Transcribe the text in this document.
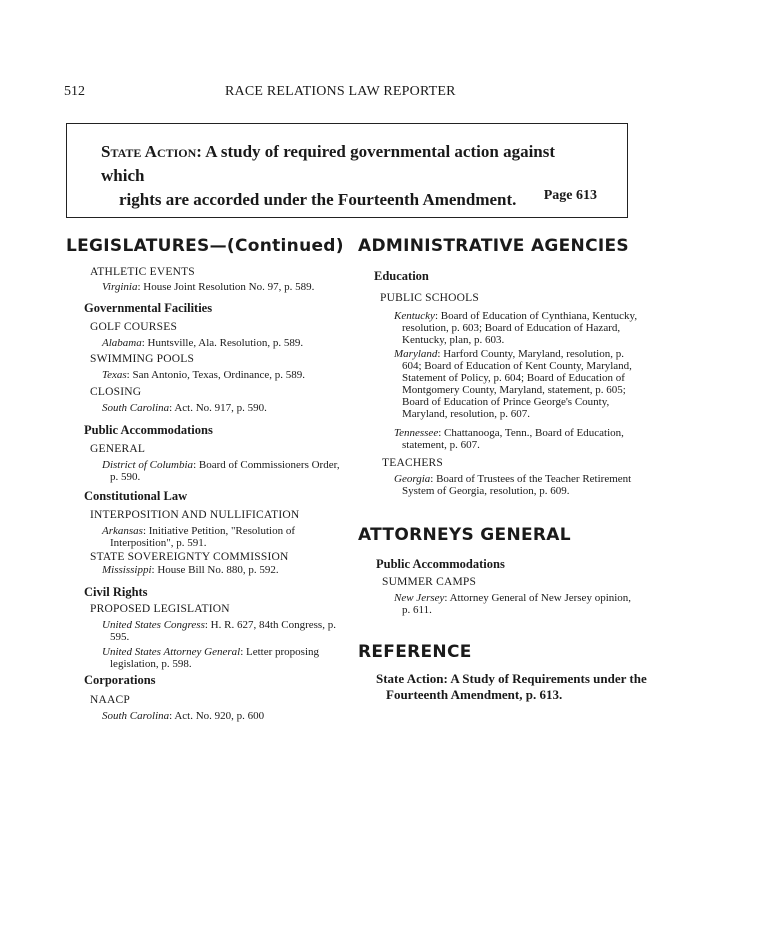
512	RACE RELATIONS LAW REPORTER
State Action: A study of required governmental action against which
rights are accorded under the Fourteenth Amendment.	Page 613
LEGISLATURES—(Continued)
ATHLETIC EVENTS
Virginia: House Joint Resolution No. 97, p. 589.
Governmental Facilities
GOLF COURSES
Alabama: Huntsville, Ala. Resolution, p. 589.
SWIMMING POOLS
Texas: San Antonio, Texas, Ordinance, p. 589.
CLOSING
South Carolina: Act. No. 917, p. 590.
Public Accommodations
GENERAL
District of Columbia: Board of Commissioners Order, p. 590.
Constitutional Law
INTERPOSITION AND NULLIFICATION
Arkansas: Initiative Petition, "Resolution of Interposition", p. 591.
STATE SOVEREIGNTY COMMISSION
Mississippi: House Bill No. 880, p. 592.
Civil Rights
PROPOSED LEGISLATION
United States Congress: H. R. 627, 84th Congress, p. 595.
United States Attorney General: Letter proposing legislation, p. 598.
Corporations
NAACP
South Carolina: Act. No. 920, p. 600
ADMINISTRATIVE AGENCIES
Education
PUBLIC SCHOOLS
Kentucky: Board of Education of Cynthiana, Kentucky, resolution, p. 603; Board of Education of Hazard, Kentucky, plan, p. 603.
Maryland: Harford County, Maryland, resolution, p. 604; Board of Education of Kent County, Maryland, Statement of Policy, p. 604; Board of Education of Montgomery County, Maryland, statement, p. 605; Board of Education of Prince George's County, Maryland, resolution, p. 607.
Tennessee: Chattanooga, Tenn., Board of Education, statement, p. 607.
TEACHERS
Georgia: Board of Trustees of the Teacher Retirement System of Georgia, resolution, p. 609.
ATTORNEYS GENERAL
Public Accommodations
SUMMER CAMPS
New Jersey: Attorney General of New Jersey opinion, p. 611.
REFERENCE
State Action: A Study of Requirements under the Fourteenth Amendment, p. 613.
